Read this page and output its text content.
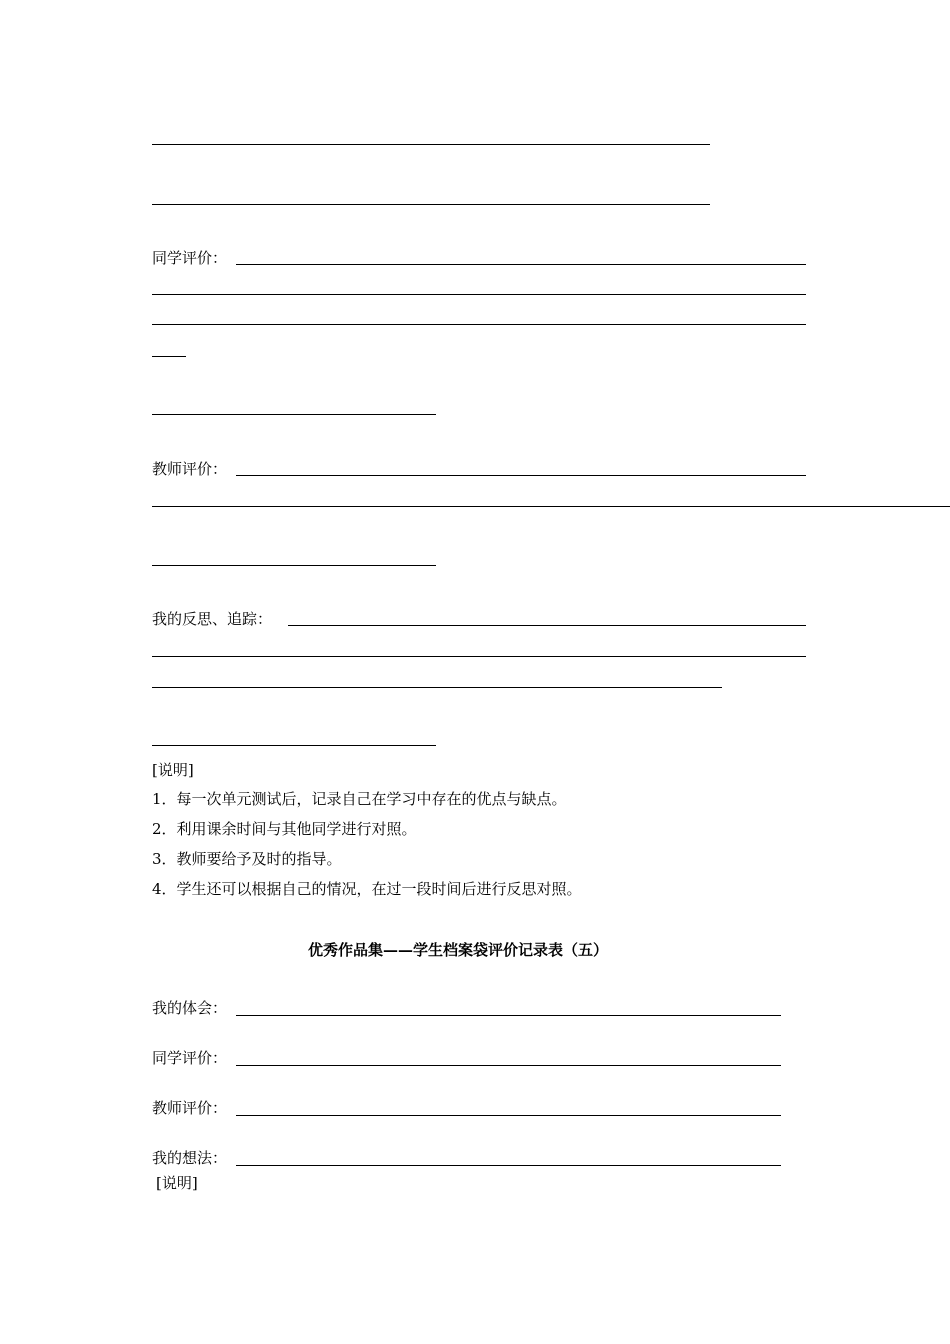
同学评价：
教师评价：
我的反思、追踪：
[说明]
1．每一次单元测试后，记录自己在学习中存在的优点与缺点。
2．利用课余时间与其他同学进行对照。
3．教师要给予及时的指导。
4．学生还可以根据自己的情况，在过一段时间后进行反思对照。
优秀作品集——学生档案袋评价记录表（五）
我的体会：
同学评价：
教师评价：
我的想法：
[说明]
